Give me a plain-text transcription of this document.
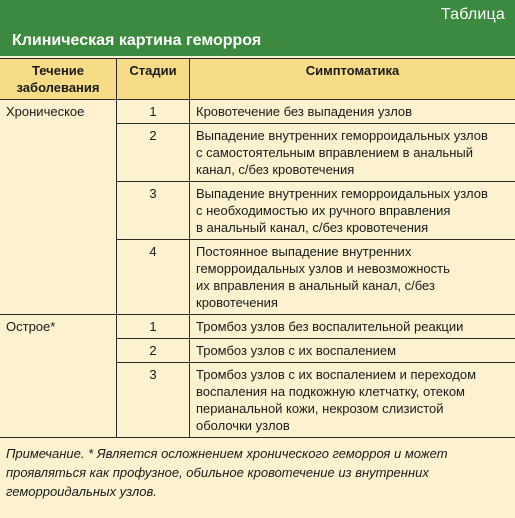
Таблица
Клиническая картина геморроя
Течение
заболевания	Стадии	Симптоматика
Хроническое	1	Кровотечение без выпадения узлов
	2	Выпадение внутренних геморроидальных узлов
с самостоятельным вправлением в анальный
канал, с/без кровотечения
	3	Выпадение внутренних геморроидальных узлов
с необходимостью их ручного вправления
в анальный канал, с/без кровотечения
	4	Постоянное выпадение внутренних
геморроидальных узлов и невозможность
их вправления в анальный канал, с/без
кровотечения
Острое*	1	Тромбоз узлов без воспалительной реакции
	2	Тромбоз узлов с их воспалением
	3	Тромбоз узлов с их воспалением и переходом
воспаления на подкожную клетчатку, отеком
перианальной кожи, некрозом слизистой
оболочки узлов
Примечание. * Является осложнением хронического геморроя и может
проявляться как профузное, обильное кровотечение из внутренних
геморроидальных узлов.		
